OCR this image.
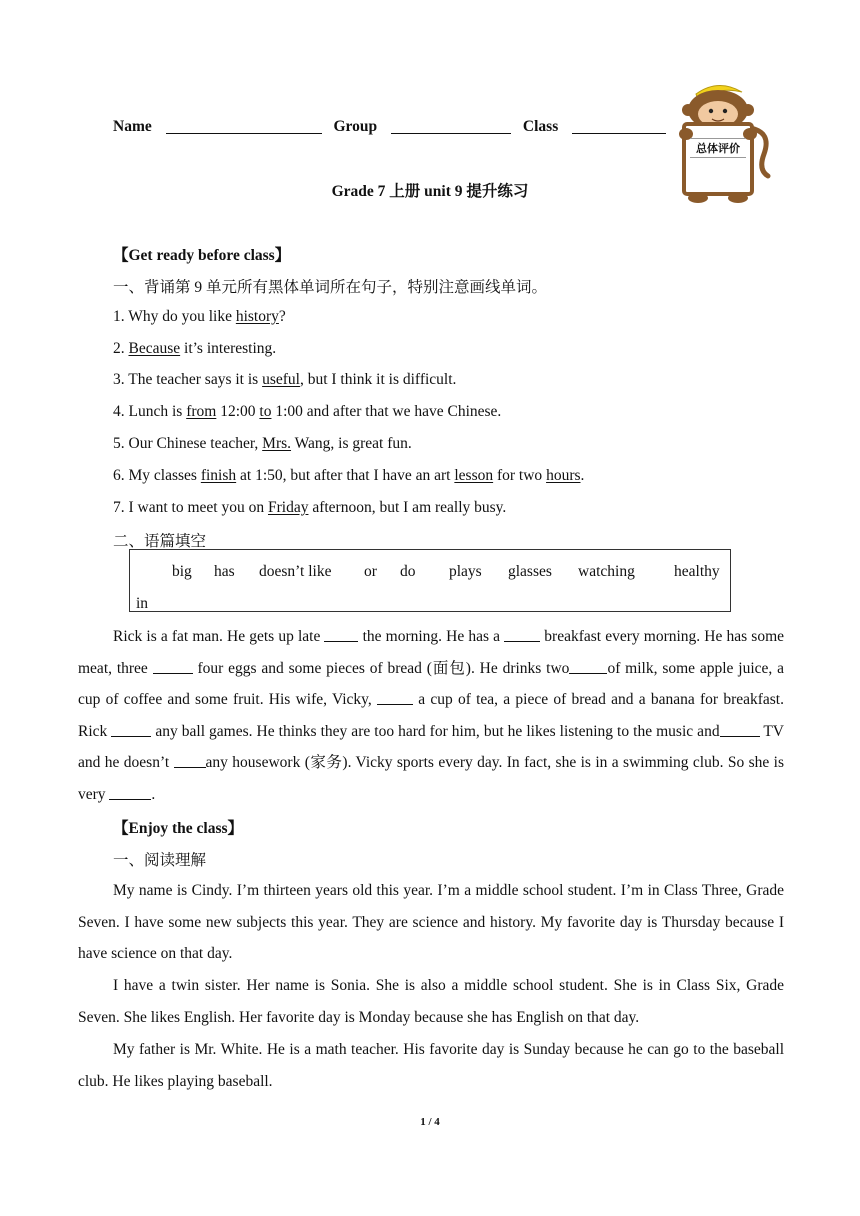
Name	Group	Class
总体评价
Grade 7 上册 unit 9 提升练习
【Get ready before class】
一、背诵第 9 单元所有黑体单词所在句子，特别注意画线单词。
1. Why do you like history?
2. Because it’s interesting.
3. The teacher says it is useful, but I think it is difficult.
4. Lunch is from 12:00 to 1:00 and after that we have Chinese.
5. Our Chinese teacher, Mrs. Wang, is great fun.
6. My classes finish at 1:50, but after that I have an art lesson for two hours.
7. I want to meet you on Friday afternoon, but I am really busy.
二、语篇填空
big has doesn’t like or do plays glasses watching	healthy
in
Rick is a fat man. He gets up late  the morning. He has a  breakfast every morning. He has some meat, three	four eggs and some pieces of bread (面包). He drinks two of milk, some apple juice, a cup of coffee and some fruit. His wife, Vicky,  a cup of tea, a piece of bread and a banana for breakfast. Rick	any ball games. He thinks they are too hard for him, but he likes listening to the music and	TV and he doesn’t any housework (家务). Vicky sports every day. In fact, she is in a swimming club. So she is very	.
【Enjoy the class】
一、阅读理解
My name is Cindy. I’m thirteen years old this year. I’m a middle school student. I’m in Class Three, Grade Seven. I have some new subjects this year. They are science and history. My favorite day is Thursday because I have science on that day.
I have a twin sister. Her name is Sonia. She is also a middle school student. She is in Class Six, Grade Seven. She likes English. Her favorite day is Monday because she has English on that day.
My father is Mr. White. He is a math teacher. His favorite day is Sunday because he can go to the baseball club. He likes playing baseball.
1 / 4
